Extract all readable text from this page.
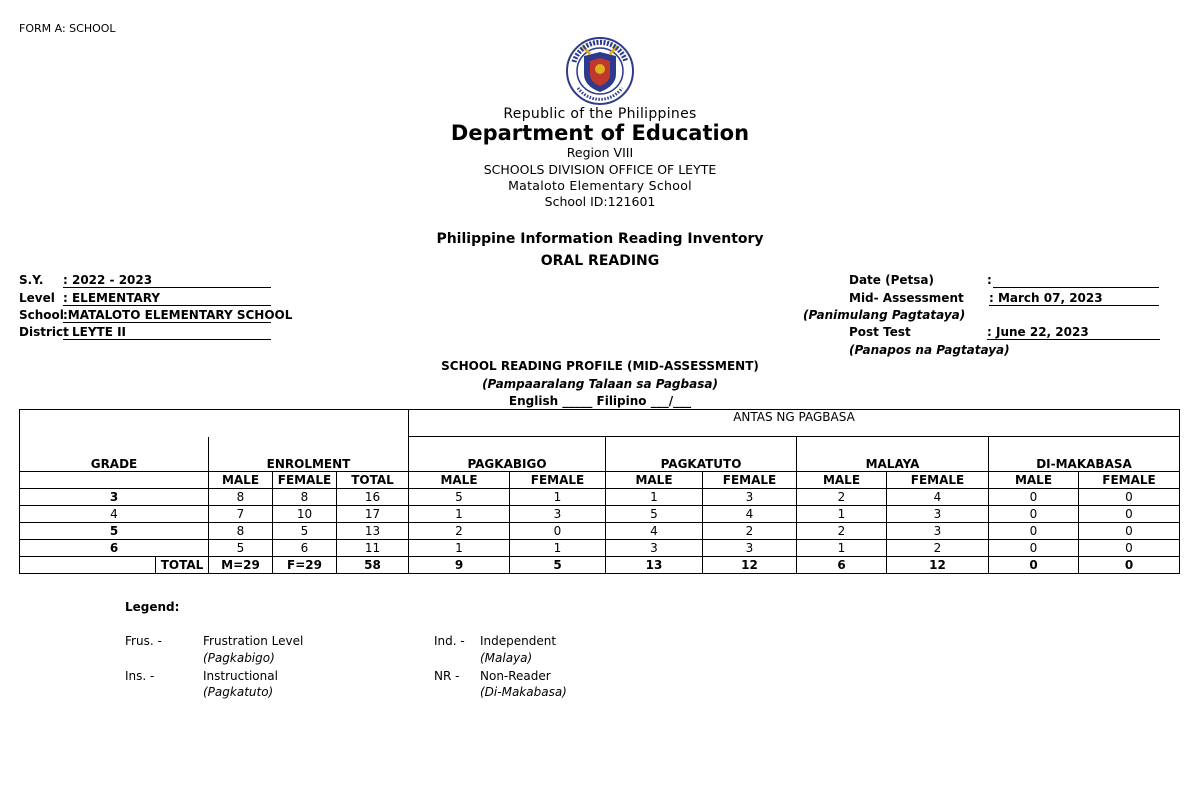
FORM A: SCHOOL
Republic of the Philippines
Department of Education
Region VIII
SCHOOLS DIVISION OFFICE OF LEYTE
Mataloto Elementary School
School ID:121601
Philippine Information Reading Inventory
ORAL READING
S.Y. : 2022 - 2023
Level : ELEMENTARY
School :MATALOTO ELEMENTARY SCHOOL
District
: LEYTE II
Date (Petsa)	:
Mid- Assessment : March 07, 2023
(Panimulang Pagtataya)
Post Test	: June 22, 2023
(Panapos na Pagtataya)
SCHOOL READING PROFILE (MID-ASSESSMENT)
(Pampaaralang Talaan sa Pagbasa)
English _____ Filipino ___/___
					ANTAS NG PAGBASA							
GRADE		ENROLMENT			PAGKABIGO		PAGKATUTO		MALAYA		DI-MAKABASA	
		MALE	FEMALE	TOTAL	MALE	FEMALE	MALE	FEMALE	MALE	FEMALE	MALE	FEMALE
3		8	8	16	5	1	1	3	2	4	0	0
4		7	10	17	1	3	5	4	1	3	0	0
5		8	5	13	2	0	4	2	2	3	0	0
6		5	6	11	1	1	3	3	1	2	0	0
	TOTAL	M=29	F=29	58	9	5	13	12	6	12	0	0
Legend:
Frus. -	Frustration Level
(Pagkabigo)
Ins. -	Instructional
(Pagkatuto)
Ind. - Independent
(Malaya)
NR - Non-Reader
(Di-Makabasa)
